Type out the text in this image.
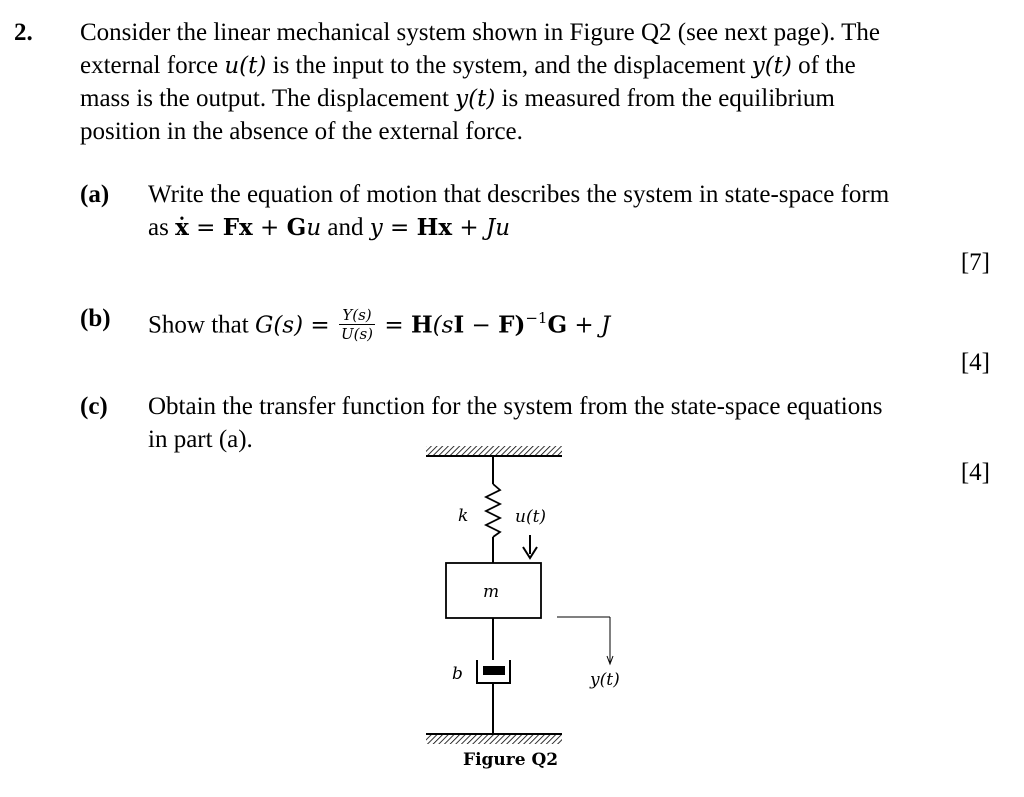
2. Consider the linear mechanical system shown in Figure Q2 (see next page). The
external force u(t) is the input to the system, and the displacement y(t) of the
mass is the output. The displacement y(t) is measured from the equilibrium
position in the absence of the external force.
(a) Write the equation of motion that describes the system in state-space form
as ẋ = Fx + Gu and y = Hx + Ju
[7]
(b) Show that $G(s) = \frac{Y(s)}{U(s)} = H(sI - F)^{-1}G + J$
[4]
(c) Obtain the transfer function for the system from the state-space equations
in part (a).
[4]
k	u(t)
m
b	y(t)
Figure Q2
